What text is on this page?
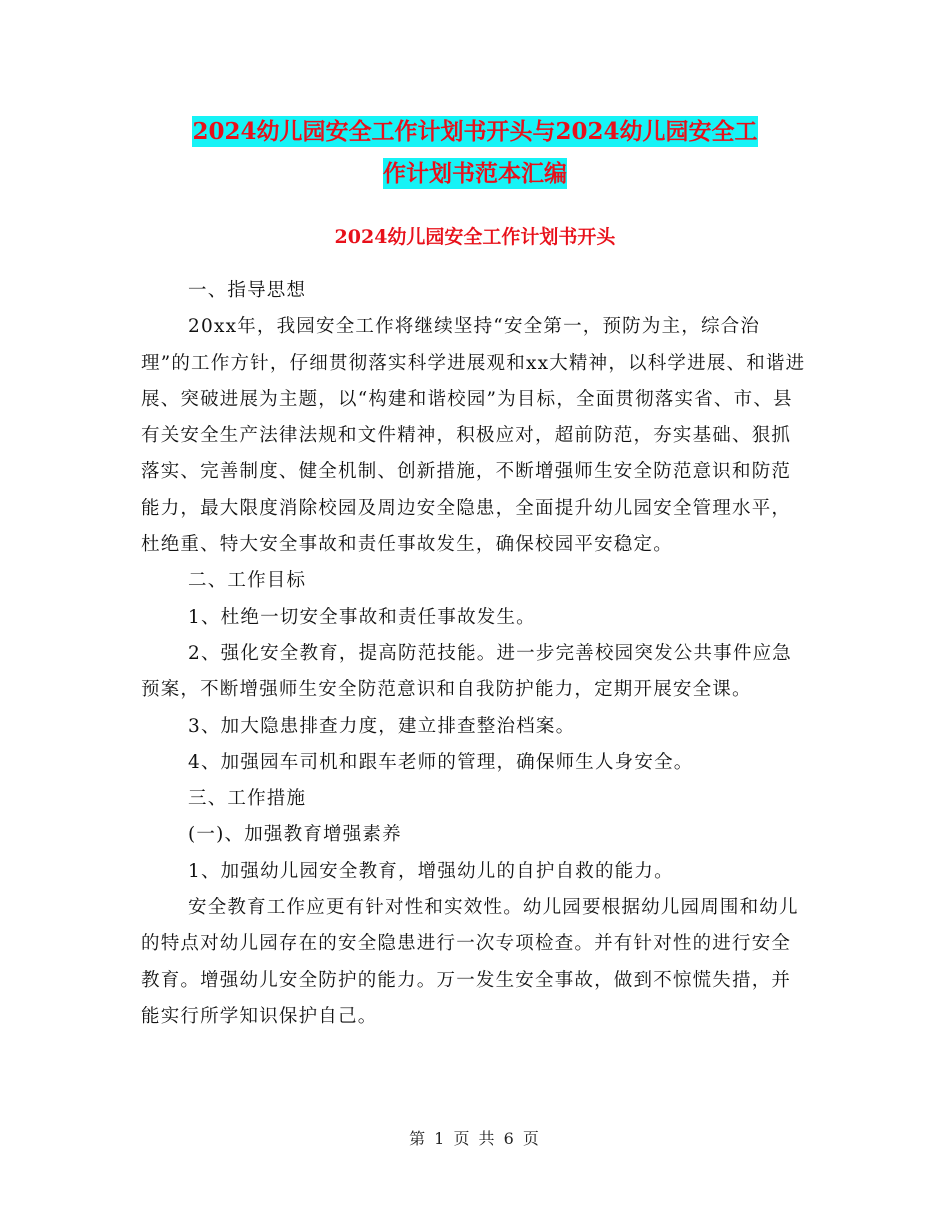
2024幼儿园安全工作计划书开头与2024幼儿园安全工

作计划书范本汇编

2024幼儿园安全工作计划书开头

一、指导思想

20xx年，我园安全工作将继续坚持“安全第一，预防为主，综合治理”的工作方针，仔细贯彻落实科学进展观和xx大精神，以科学进展、和谐进展、突破进展为主题，以“构建和谐校园”为目标，全面贯彻落实省、市、县有关安全生产法律法规和文件精神，积极应对，超前防范，夯实基础、狠抓落实、完善制度、健全机制、创新措施，不断增强师生安全防范意识和防范能力，最大限度消除校园及周边安全隐患，全面提升幼儿园安全管理水平，杜绝重、特大安全事故和责任事故发生，确保校园平安稳定。

二、工作目标

1、杜绝一切安全事故和责任事故发生。

2、强化安全教育，提高防范技能。进一步完善校园突发公共事件应急预案，不断增强师生安全防范意识和自我防护能力，定期开展安全课。

3、加大隐患排查力度，建立排查整治档案。

4、加强园车司机和跟车老师的管理，确保师生人身安全。

三、工作措施

(一)、加强教育增强素养

1、加强幼儿园安全教育，增强幼儿的自护自救的能力。

安全教育工作应更有针对性和实效性。幼儿园要根据幼儿园周围和幼儿的特点对幼儿园存在的安全隐患进行一次专项检查。并有针对性的进行安全教育。增强幼儿安全防护的能力。万一发生安全事故，做到不惊慌失措，并能实行所学知识保护自己。

第 1 页 共 6 页
